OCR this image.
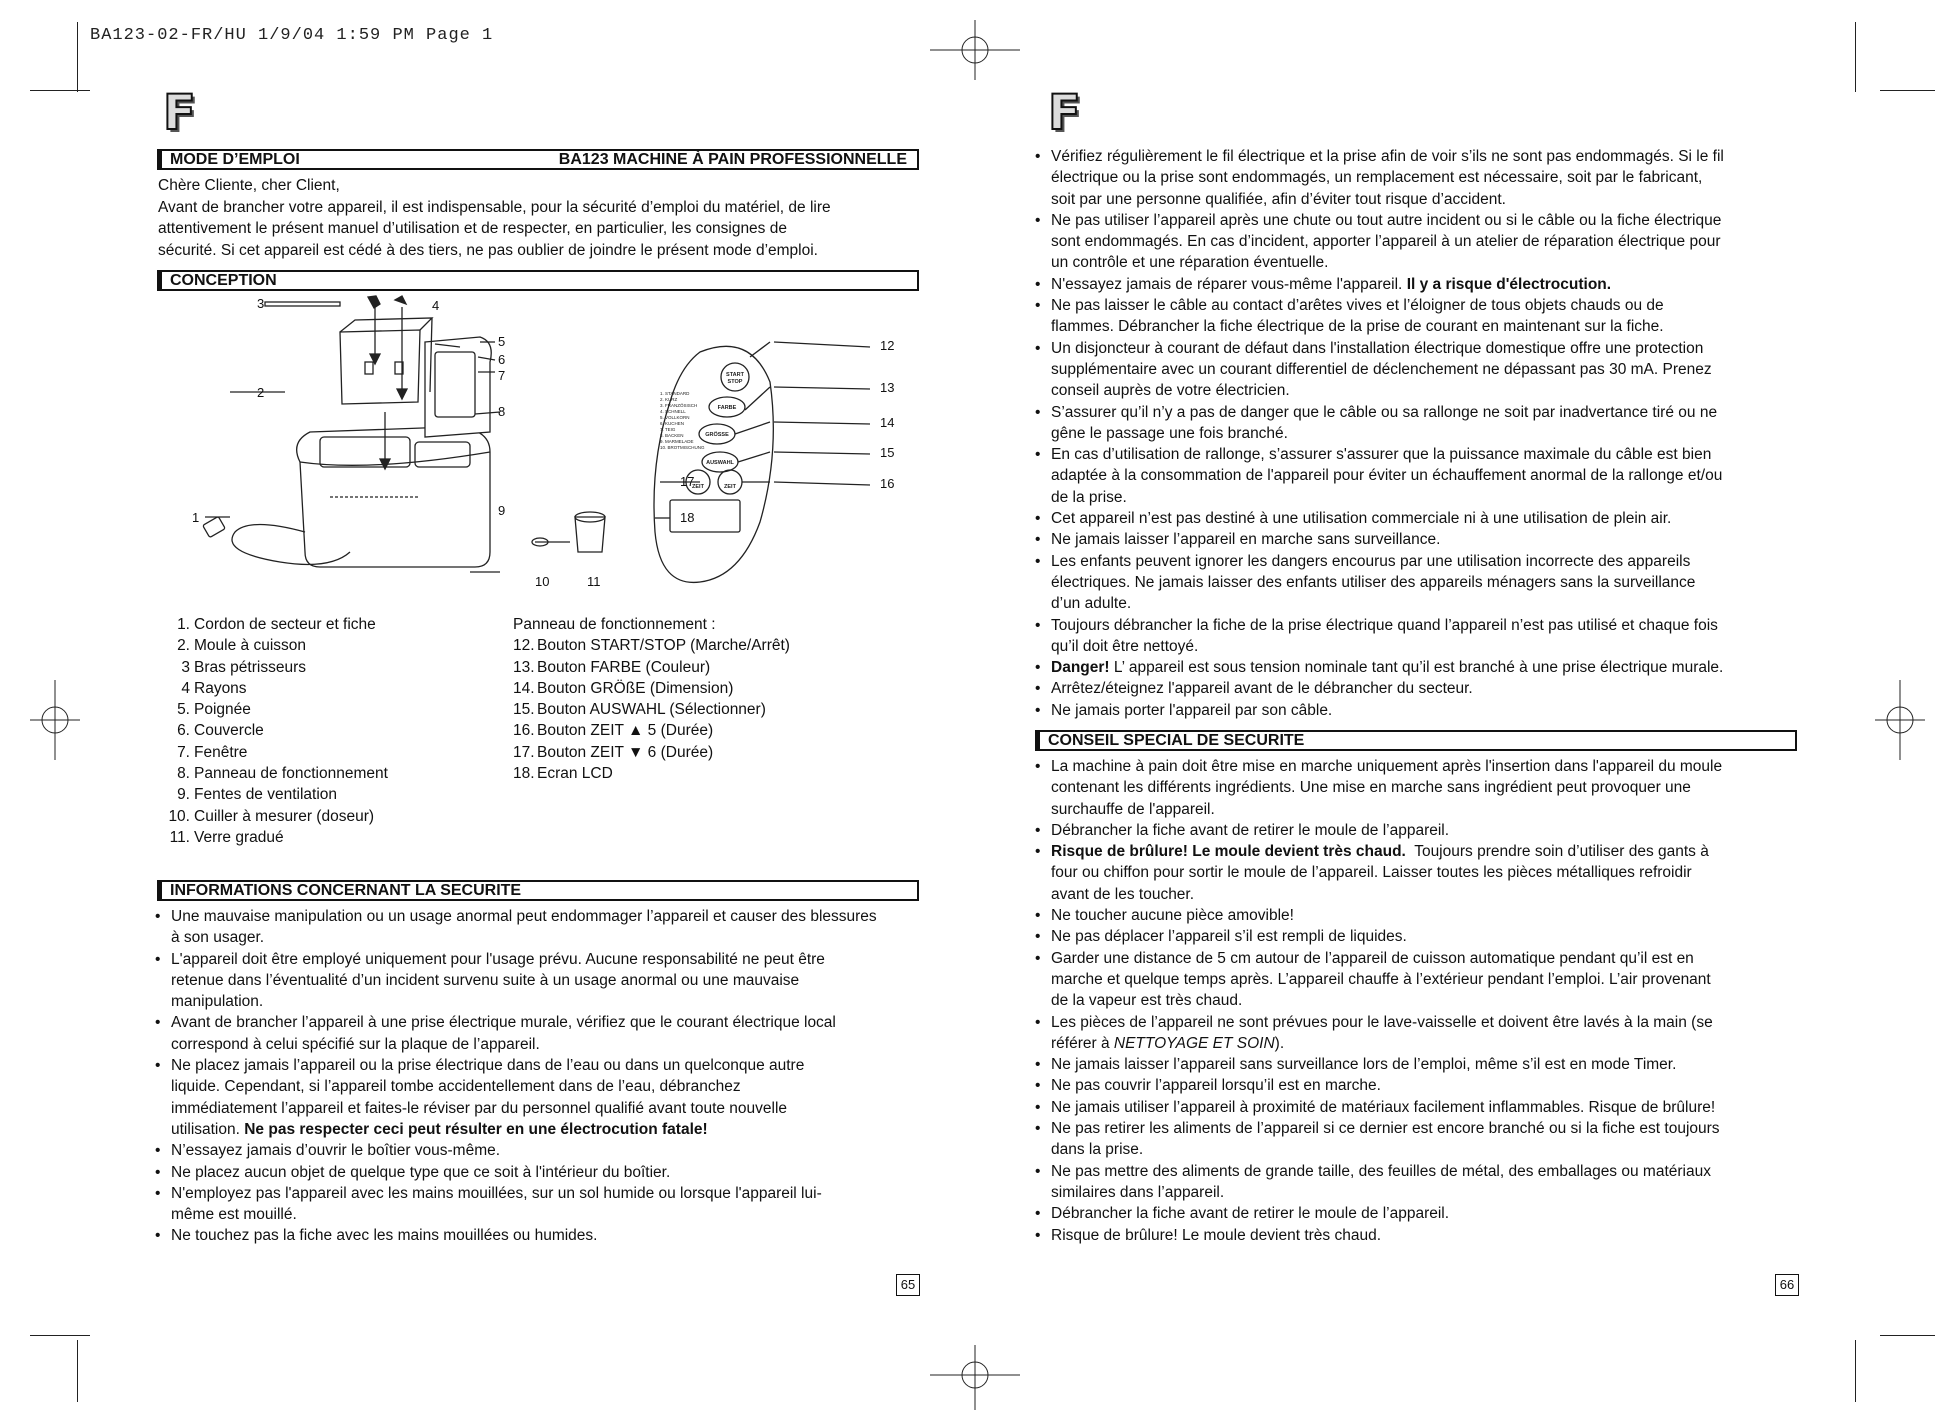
BA123-02-FR/HU 1/9/04 1:59 PM Page 1
F
MODE D’EMPLOI	BA123 MACHINE À PAIN PROFESSIONNELLE

Chère Cliente, cher Client,

Avant de brancher votre appareil, il est indispensable, pour la sécurité d’emploi du matériel, de lire

attentivement le présent manuel d’utilisation et de respecter, en particulier, les consignes de

sécurité. Si cet appareil est cédé à des tiers, ne pas oublier de joindre le présent mode d’emploi.

CONCEPTION
START
STOP
FARBE
GRÖSSE
AUSWAHL
ZEIT	ZEIT
1. STANDARD
2. KURZ
3. FRANZÖSISCH
4. SCHNELL
5. VOLLKORN
6. KUCHEN
7. TEIG
8. BACKEN
9. MARMELADE
10. BROTMISCHUNG
1
2
3	4
5
6
7
8
9
10	11
12
13
14
15
16
17
18
1. Cordon de secteur et fiche
2. Moule à cuisson
3 Bras pétrisseurs
4 Rayons
5. Poignée
6. Couvercle
7. Fenêtre
8. Panneau de fonctionnement
9. Fentes de ventilation
10. Cuiller à mesurer (doseur)
11. Verre gradué
Panneau de fonctionnement :
12. Bouton START/STOP (Marche/Arrêt)
13. Bouton FARBE (Couleur)
14. Bouton GRÖßE (Dimension)
15. Bouton AUSWAHL (Sélectionner)
16. Bouton ZEIT ▲ 5 (Durée)
17. Bouton ZEIT ▼ 6 (Durée)
18. Ecran LCD
INFORMATIONS CONCERNANT LA SECURITE
• Une mauvaise manipulation ou un usage anormal peut endommager l’appareil et causer des blessures
à son usager.
• L'appareil doit être employé uniquement pour l'usage prévu. Aucune responsabilité ne peut être
retenue dans l’éventualité d’un incident survenu suite à un usage anormal ou une mauvaise
manipulation.
• Avant de brancher l’appareil à une prise électrique murale, vérifiez que le courant électrique local
correspond à celui spécifié sur la plaque de l’appareil.
• Ne placez jamais l’appareil ou la prise électrique dans de l’eau ou dans un quelconque autre
liquide. Cependant, si l’appareil tombe accidentellement dans de l’eau, débranchez
immédiatement l’appareil et faites-le réviser par du personnel qualifié avant toute nouvelle
utilisation. Ne pas respecter ceci peut résulter en une électrocution fatale!
• N’essayez jamais d’ouvrir le boîtier vous-même.
• Ne placez aucun objet de quelque type que ce soit à l'intérieur du boîtier.
• N'employez pas l'appareil avec les mains mouillées, sur un sol humide ou lorsque l'appareil lui-
même est mouillé.
• Ne touchez pas la fiche avec les mains mouillées ou humides.
65
F
• Vérifiez régulièrement le fil électrique et la prise afin de voir s’ils ne sont pas endommagés. Si le fil
électrique ou la prise sont endommagés, un remplacement est nécessaire, soit par le fabricant,
soit par une personne qualifiée, afin d’éviter tout risque d’accident.
• Ne pas utiliser l’appareil après une chute ou tout autre incident ou si le câble ou la fiche électrique
sont endommagés. En cas d’incident, apporter l’appareil à un atelier de réparation électrique pour
un contrôle et une réparation éventuelle.
• N'essayez jamais de réparer vous-même l'appareil. Il y a risque d'électrocution.
• Ne pas laisser le câble au contact d’arêtes vives et l’éloigner de tous objets chauds ou de
flammes. Débrancher la fiche électrique de la prise de courant en maintenant sur la fiche.
• Un disjoncteur à courant de défaut dans l'installation électrique domestique offre une protection
supplémentaire avec un courant differentiel de déclenchement ne dépassant pas 30 mA. Prenez
conseil auprès de votre électricien.
• S’assurer qu’il n’y a pas de danger que le câble ou sa rallonge ne soit par inadvertance tiré ou ne
gêne le passage une fois branché.
• En cas d’utilisation de rallonge, s’assurer s'assurer que la puissance maximale du câble est bien
adaptée à la consommation de l'appareil pour éviter un échauffement anormal de la rallonge et/ou
de la prise.
• Cet appareil n’est pas destiné à une utilisation commerciale ni à une utilisation de plein air.
• Ne jamais laisser l’appareil en marche sans surveillance.
• Les enfants peuvent ignorer les dangers encourus par une utilisation incorrecte des appareils
électriques. Ne jamais laisser des enfants utiliser des appareils ménagers sans la surveillance
d’un adulte.
• Toujours débrancher la fiche de la prise électrique quand l’appareil n’est pas utilisé et chaque fois
qu’il doit être nettoyé.
• Danger! L’ appareil est sous tension nominale tant qu’il est branché à une prise électrique murale.
• Arrêtez/éteignez l'appareil avant de le débrancher du secteur.
• Ne jamais porter l'appareil par son câble.
CONSEIL SPECIAL DE SECURITE
• La machine à pain doit être mise en marche uniquement après l'insertion dans l'appareil du moule
contenant les différents ingrédients. Une mise en marche sans ingrédient peut provoquer une
surchauffe de l'appareil.
• Débrancher la fiche avant de retirer le moule de l’appareil.
• Risque de brûlure! Le moule devient très chaud.  Toujours prendre soin d’utiliser des gants à
four ou chiffon pour sortir le moule de l’appareil. Laisser toutes les pièces métalliques refroidir
avant de les toucher.
• Ne toucher aucune pièce amovible!
• Ne pas déplacer l’appareil s’il est rempli de liquides.
• Garder une distance de 5 cm autour de l’appareil de cuisson automatique pendant qu’il est en
marche et quelque temps après. L’appareil chauffe à l’extérieur pendant l’emploi. L’air provenant
de la vapeur est très chaud.
• Les pièces de l’appareil ne sont prévues pour le lave-vaisselle et doivent être lavés à la main (se
référer à NETTOYAGE ET SOIN).
• Ne jamais laisser l’appareil sans surveillance lors de l’emploi, même s’il est en mode Timer.
• Ne pas couvrir l’appareil lorsqu’il est en marche.
• Ne jamais utiliser l’appareil à proximité de matériaux facilement inflammables. Risque de brûlure!
• Ne pas retirer les aliments de l’appareil si ce dernier est encore branché ou si la fiche est toujours
dans la prise.
• Ne pas mettre des aliments de grande taille, des feuilles de métal, des emballages ou matériaux
similaires dans l’appareil.
• Débrancher la fiche avant de retirer le moule de l’appareil.
• Risque de brûlure! Le moule devient très chaud.
66
